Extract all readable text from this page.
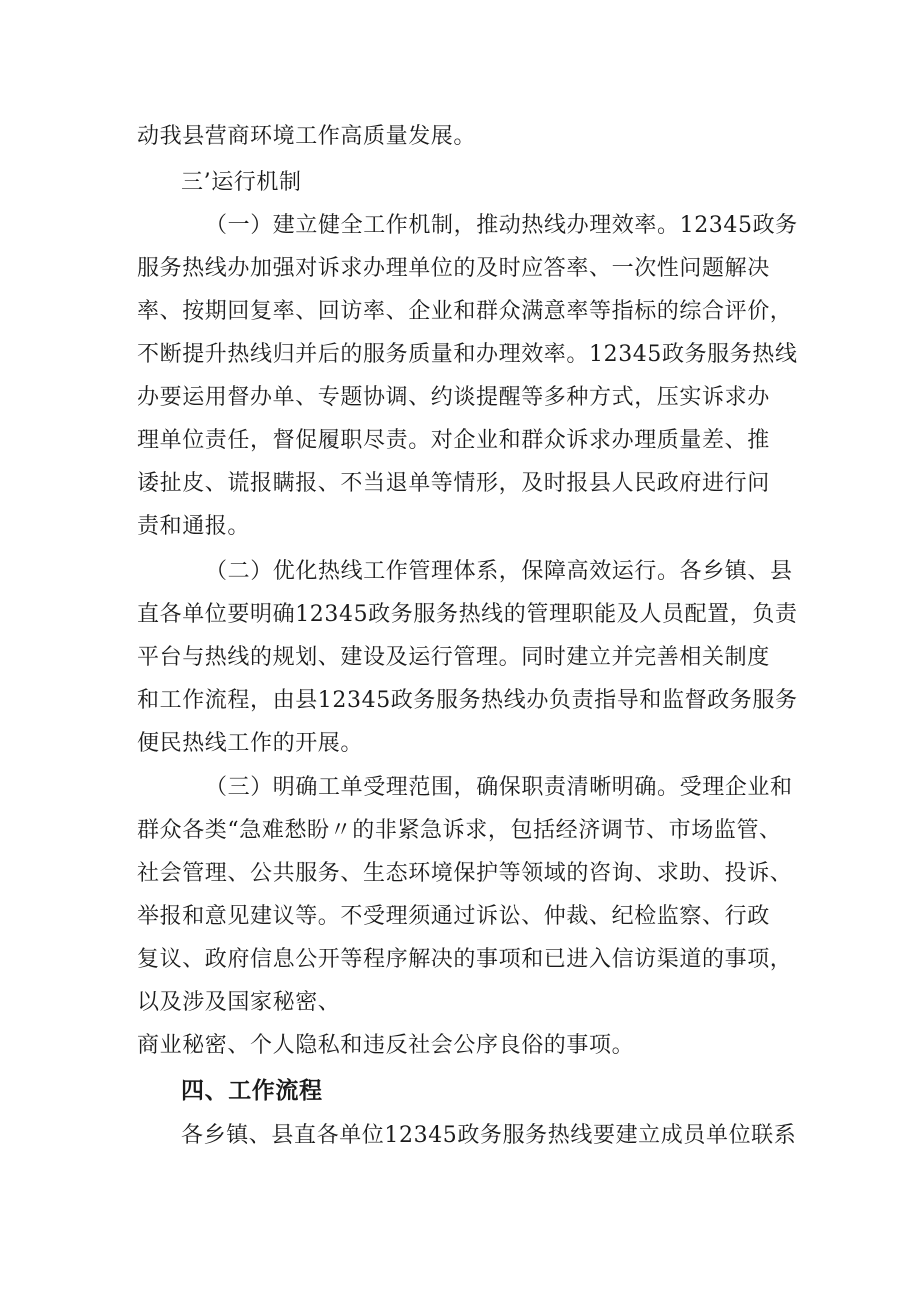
动我县营商环境工作高质量发展。
三’运行机制
（一）建立健全工作机制，推动热线办理效率。12345政务
服务热线办加强对诉求办理单位的及时应答率、一次性问题解决
率、按期回复率、回访率、企业和群众满意率等指标的综合评价，
不断提升热线归并后的服务质量和办理效率。12345政务服务热线
办要运用督办单、专题协调、约谈提醒等多种方式，压实诉求办
理单位责任，督促履职尽责。对企业和群众诉求办理质量差、推
诿扯皮、谎报瞒报、不当退单等情形，及时报县人民政府进行问
责和通报。
（二）优化热线工作管理体系，保障高效运行。各乡镇、县
直各单位要明确12345政务服务热线的管理职能及人员配置，负责
平台与热线的规划、建设及运行管理。同时建立并完善相关制度
和工作流程，由县12345政务服务热线办负责指导和监督政务服务
便民热线工作的开展。
（三）明确工单受理范围，确保职责清晰明确。受理企业和
群众各类“急难愁盼〃的非紧急诉求，包括经济调节、市场监管、
社会管理、公共服务、生态环境保护等领域的咨询、求助、投诉、
举报和意见建议等。不受理须通过诉讼、仲裁、纪检监察、行政
复议、政府信息公开等程序解决的事项和已进入信访渠道的事项，
以及涉及国家秘密、
商业秘密、个人隐私和违反社会公序良俗的事项。
四、工作流程
各乡镇、县直各单位12345政务服务热线要建立成员单位联系
